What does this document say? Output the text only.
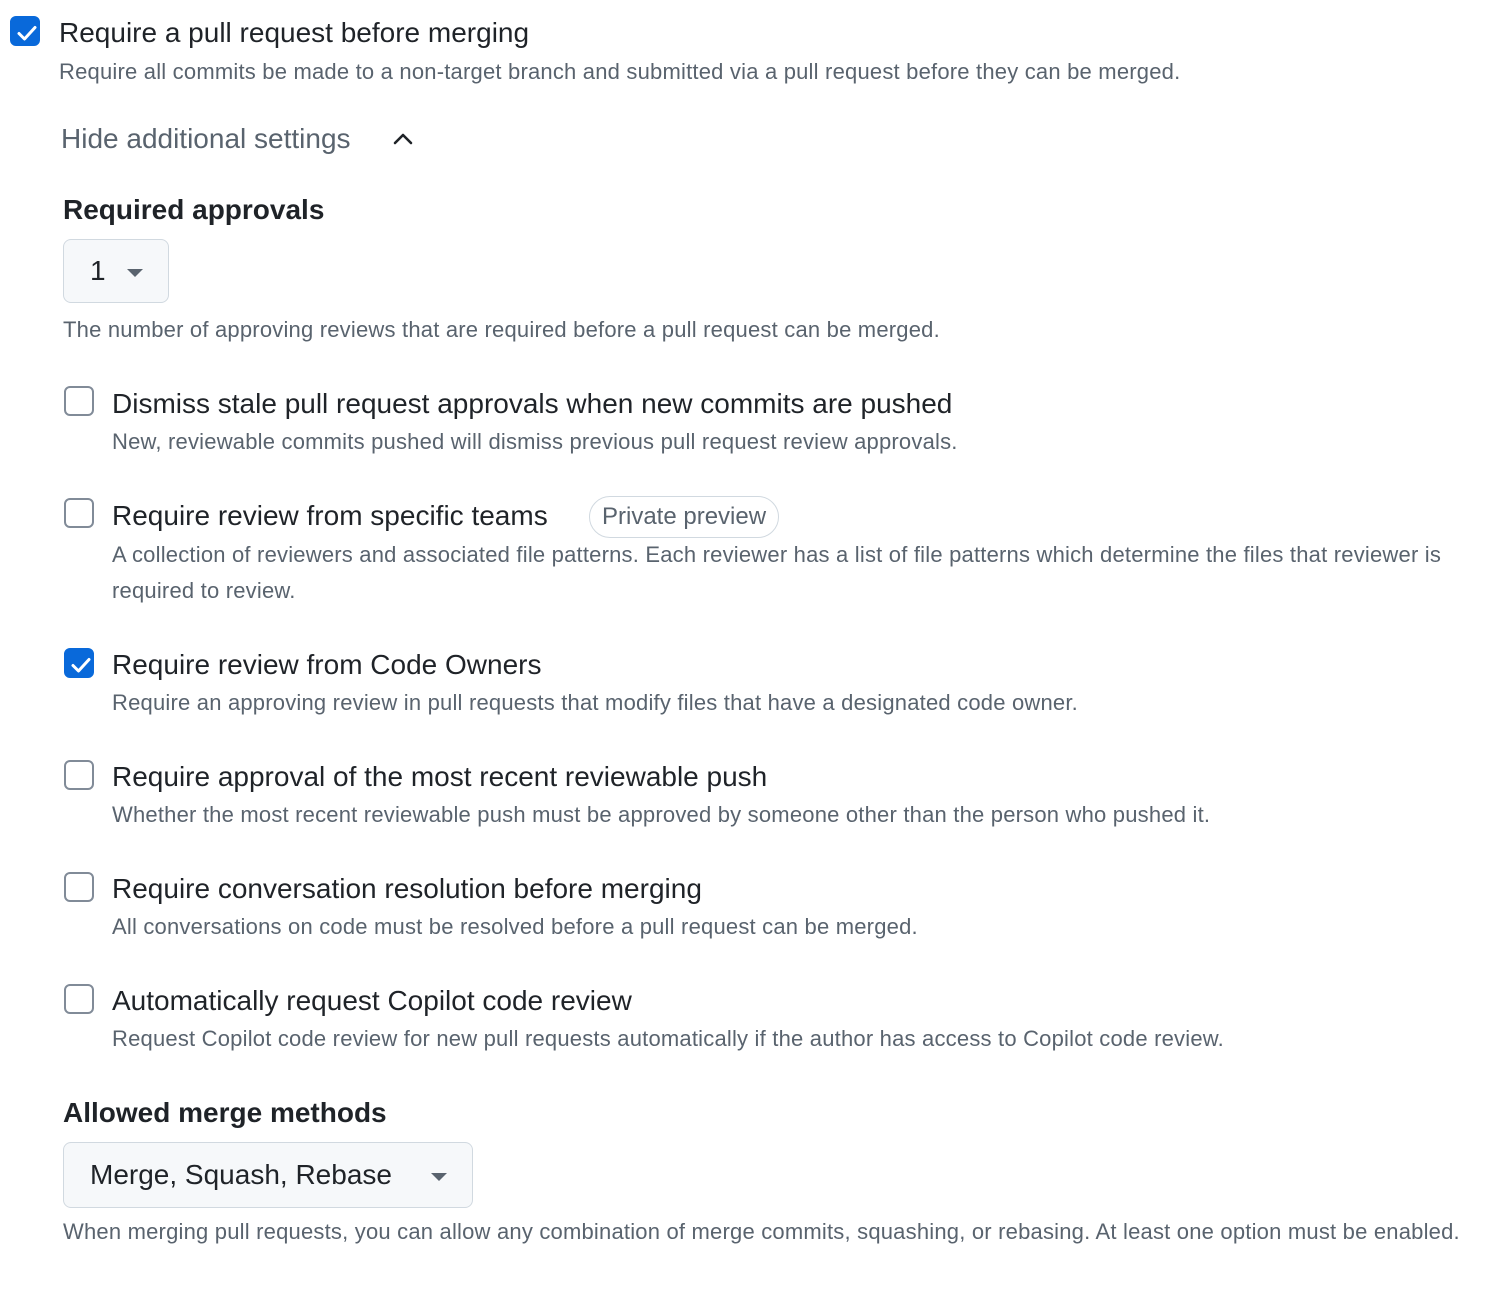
Require a pull request before merging
Require all commits be made to a non-target branch and submitted via a pull request before they can be merged.
Hide additional settings
Required approvals
1
The number of approving reviews that are required before a pull request can be merged.
Dismiss stale pull request approvals when new commits are pushed
New, reviewable commits pushed will dismiss previous pull request review approvals.
Require review from specific teams	Private preview
A collection of reviewers and associated file patterns. Each reviewer has a list of file patterns which determine the files that reviewer is required to review.
Require review from Code Owners
Require an approving review in pull requests that modify files that have a designated code owner.
Require approval of the most recent reviewable push
Whether the most recent reviewable push must be approved by someone other than the person who pushed it.
Require conversation resolution before merging
All conversations on code must be resolved before a pull request can be merged.
Automatically request Copilot code review
Request Copilot code review for new pull requests automatically if the author has access to Copilot code review.
Allowed merge methods
Merge, Squash, Rebase
When merging pull requests, you can allow any combination of merge commits, squashing, or rebasing. At least one option must be enabled.
